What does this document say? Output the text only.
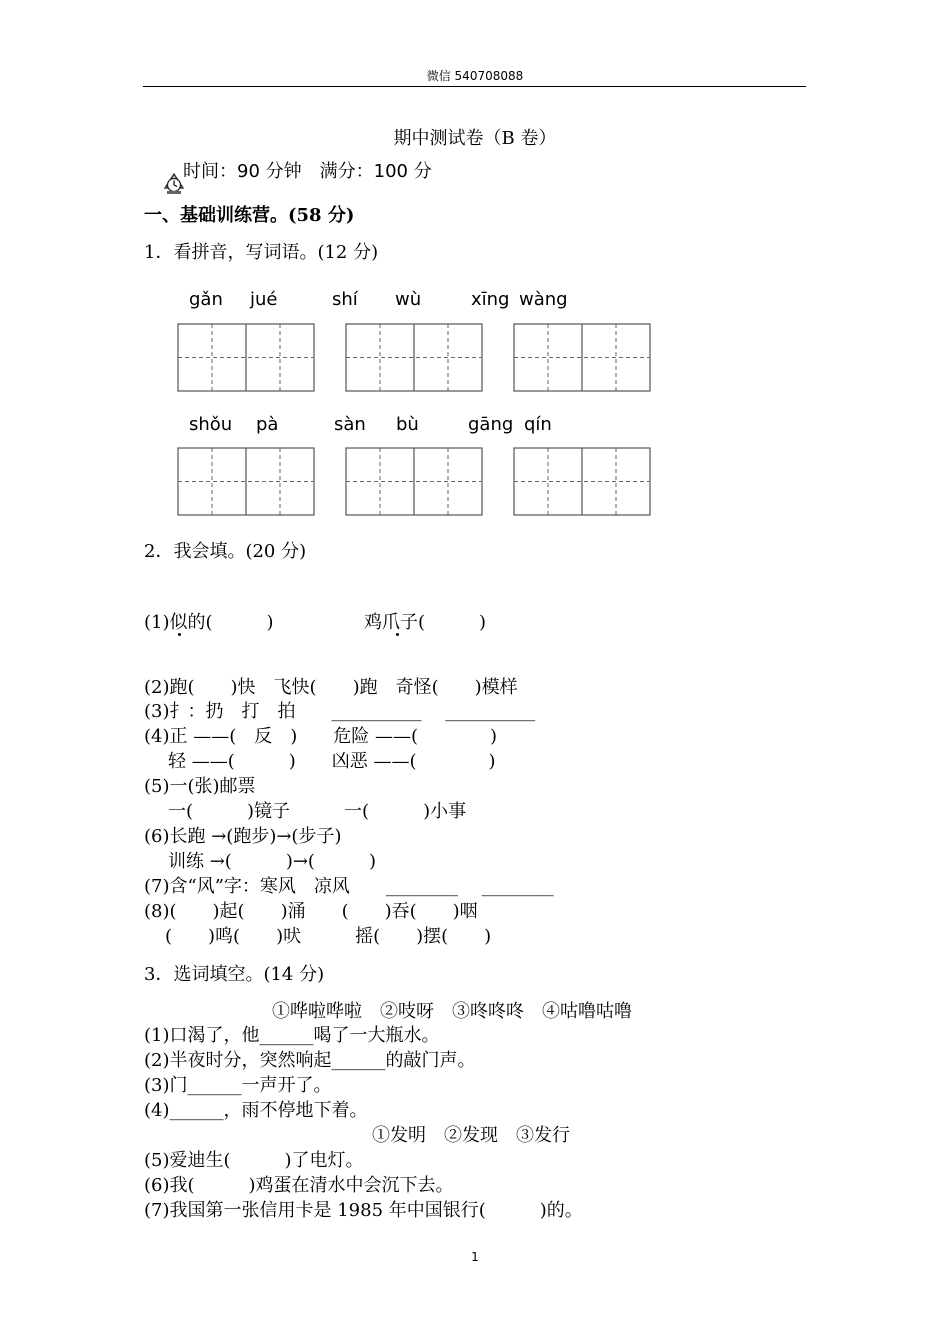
微信 540708088
期中测试卷（B 卷）

时间：90 分钟　满分：100 分
一、基础训练营。(58 分)
1．看拼音，写词语。(12 分)
gǎn jué	shí wù	xīng wàng
shǒu pà	sàn bù	gāng qín
2．我会填。(20 分)
(1)似的(　　　)	鸡爪子(　　　)
(2)跑(　　)快　飞快(　　)跑　奇怪(　　)模样
(3)扌：扔　打　拍　　__________　 __________
(4)正 ——(　反　)　　危险 ——(　　　　)
轻 ——(　　　)　　凶恶 ——(　　　　)
(5)一(张)邮票
一(　　　)镜子　　　一(　　　)小事
(6)长跑 →(跑步)→(步子)
训练 →(　　　)→(　　　)
(7)含“风”字：寒风　凉风　　________　 ________
(8)(　　)起(　　)涌　　(　　)吞(　　)咽
(　　)鸣(　　)吠　　　摇(　　)摆(　　)
3．选词填空。(14 分)
①哗啦哗啦　②吱呀　③咚咚咚　④咕噜咕噜
(1)口渴了，他______喝了一大瓶水。
(2)半夜时分，突然响起______的敲门声。
(3)门______一声开了。
(4)______，雨不停地下着。
①发明　②发现　③发行
(5)爱迪生(　　　)了电灯。
(6)我(　　　)鸡蛋在清水中会沉下去。
(7)我国第一张信用卡是 1985 年中国银行(　　　)的。
1
